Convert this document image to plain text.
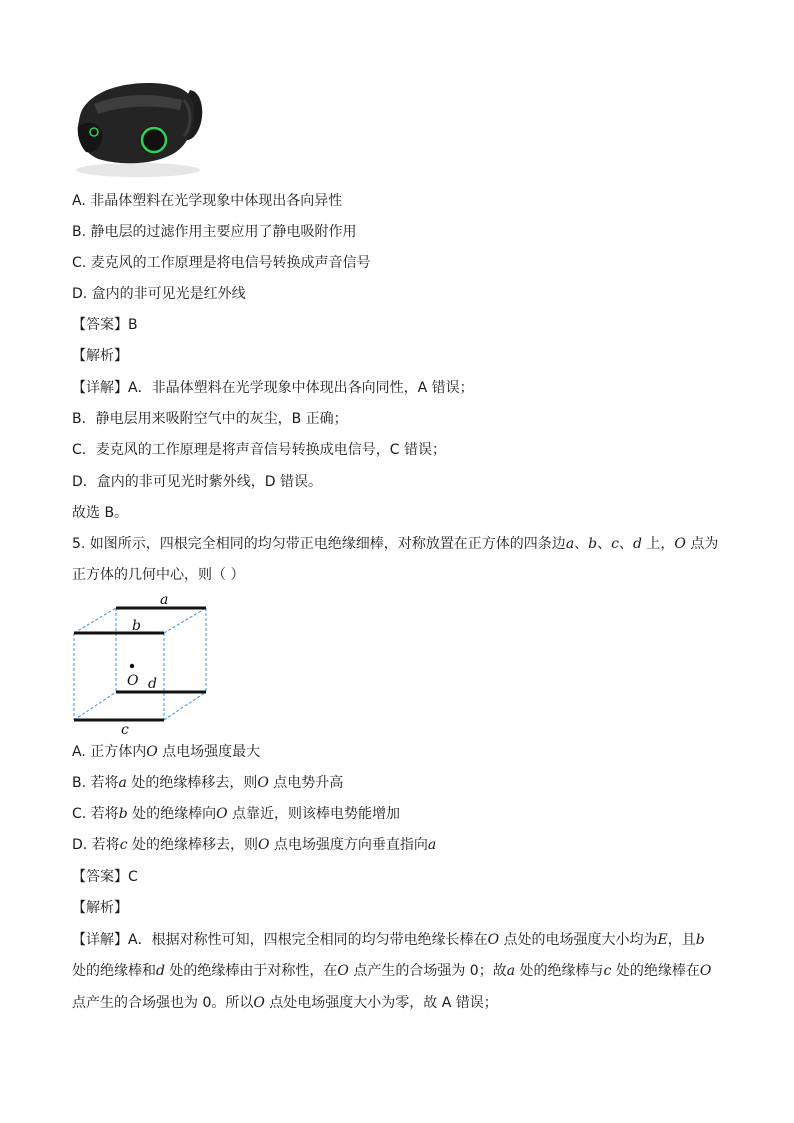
A. 非晶体塑料在光学现象中体现出各向异性
B. 静电层的过滤作用主要应用了静电吸附作用
C. 麦克风的工作原理是将电信号转换成声音信号
D. 盒内的非可见光是红外线
【答案】B
【解析】
【详解】A．非晶体塑料在光学现象中体现出各向同性，A 错误；
B．静电层用来吸附空气中的灰尘，B 正确；
C．麦克风的工作原理是将声音信号转换成电信号，C 错误；
D．盒内的非可见光时紫外线，D 错误。
故选 B。
5. 如图所示，四根完全相同的均匀带正电绝缘细棒，对称放置在正方体的四条边a、b、c、d 上，O 点为
正方体的几何中心，则（ ）
a
b
O d
c
A. 正方体内O 点电场强度最大
B. 若将a 处的绝缘棒移去，则O 点电势升高
C. 若将b 处的绝缘棒向O 点靠近，则该棒电势能增加
D. 若将c 处的绝缘棒移去，则O 点电场强度方向垂直指向a
【答案】C
【解析】
【详解】A．根据对称性可知，四根完全相同的均匀带电绝缘长棒在O 点处的电场强度大小均为E，且b
处的绝缘棒和d 处的绝缘棒由于对称性，在O 点产生的合场强为 0；故a 处的绝缘棒与c 处的绝缘棒在O
点产生的合场强也为 0。所以O 点处电场强度大小为零，故 A 错误；
